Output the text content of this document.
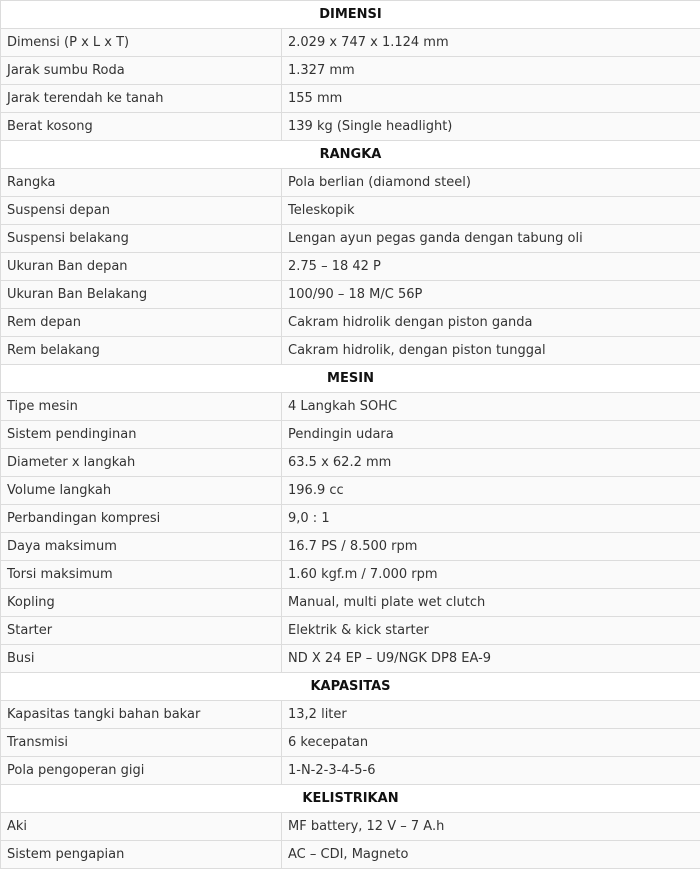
DIMENSI	
Dimensi (P x L x T)	2.029 x 747 x 1.124 mm
Jarak sumbu Roda	1.327 mm
Jarak terendah ke tanah	155 mm
Berat kosong	139 kg (Single headlight)
RANGKA	
Rangka	Pola berlian (diamond steel)
Suspensi depan	Teleskopik
Suspensi belakang	Lengan ayun pegas ganda dengan tabung oli
Ukuran Ban depan	2.75 – 18 42 P
Ukuran Ban Belakang	100/90 – 18 M/C 56P
Rem depan	Cakram hidrolik dengan piston ganda
Rem belakang	Cakram hidrolik, dengan piston tunggal
MESIN	
Tipe mesin	4 Langkah SOHC
Sistem pendinginan	Pendingin udara
Diameter x langkah	63.5 x 62.2 mm
Volume langkah	196.9 cc
Perbandingan kompresi	9,0 : 1
Daya maksimum	16.7 PS / 8.500 rpm
Torsi maksimum	1.60 kgf.m / 7.000 rpm
Kopling	Manual, multi plate wet clutch
Starter	Elektrik & kick starter
Busi	ND X 24 EP – U9/NGK DP8 EA-9
KAPASITAS	
Kapasitas tangki bahan bakar	13,2 liter
Transmisi	6 kecepatan
Pola pengoperan gigi	1-N-2-3-4-5-6
KELISTRIKAN	
Aki	MF battery, 12 V – 7 A.h
Sistem pengapian	AC – CDI, Magneto
